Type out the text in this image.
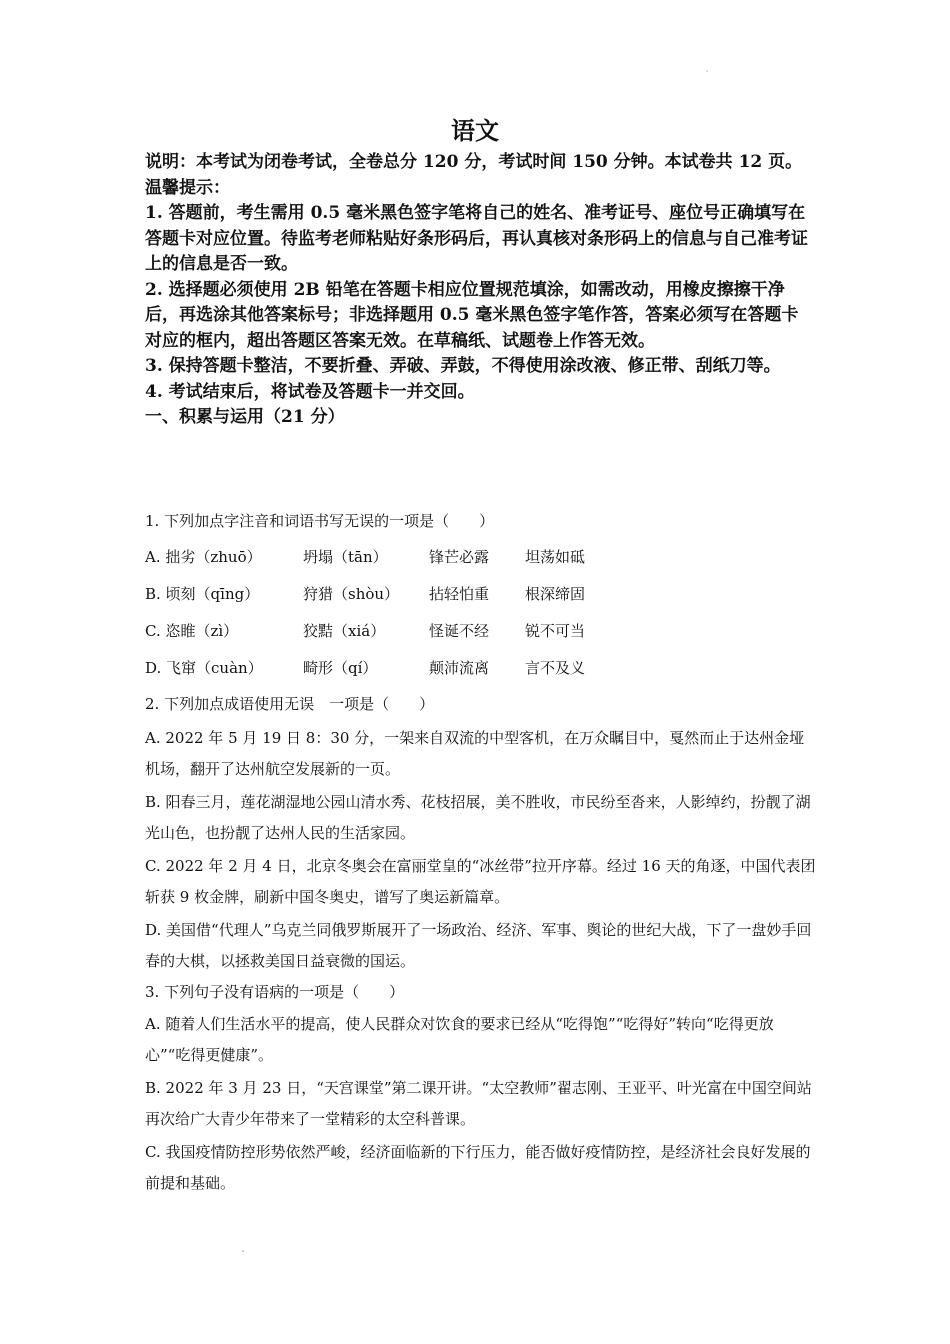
语文

说明：本考试为闭卷考试，全卷总分 120 分，考试时间 150 分钟。本试卷共 12 页。

温馨提示：

1. 答题前，考生需用 0.5 毫米黑色签字笔将自己的姓名、准考证号、座位号正确填写在答题卡对应位置。待监考老师粘贴好条形码后，再认真核对条形码上的信息与自己准考证上的信息是否一致。

2. 选择题必须使用 2B 铅笔在答题卡相应位置规范填涂，如需改动，用橡皮擦擦干净后，再选涂其他答案标号；非选择题用 0.5 毫米黑色签字笔作答，答案必须写在答题卡对应的框内，超出答题区答案无效。在草稿纸、试题卷上作答无效。

3. 保持答题卡整洁，不要折叠、弄破、弄鼓，不得使用涂改液、修正带、刮纸刀等。

4. 考试结束后，将试卷及答题卡一并交回。

一、积累与运用（21 分）

1. 下列加点字注音和词语书写无误的一项是（　　）

A. 拙劣（zhuō）	坍塌（tān）	锋芒必露	坦荡如砥
B. 顷刻（qīng）	狩猎（shòu）	拈轻怕重	根深缔固
C. 恣睢（zì）	狡黠（xiá）	怪诞不经	锐不可当
D. 飞窜（cuàn）	畸形（qí）	颠沛流离	言不及义

2. 下列加点成语使用无误　一项是（　　）

A. 2022 年 5 月 19 日 8：30 分，一架来自双流的中型客机，在万众瞩目中，戛然而止于达州金垭机场，翻开了达州航空发展新的一页。

B. 阳春三月，莲花湖湿地公园山清水秀、花枝招展，美不胜收，市民纷至沓来，人影绰约，扮靓了湖光山色，也扮靓了达州人民的生活家园。

C. 2022 年 2 月 4 日，北京冬奥会在富丽堂皇的“冰丝带”拉开序幕。经过 16 天的角逐，中国代表团斩获 9 枚金牌，刷新中国冬奥史，谱写了奥运新篇章。

D. 美国借“代理人”乌克兰同俄罗斯展开了一场政治、经济、军事、舆论的世纪大战，下了一盘妙手回春的大棋，以拯救美国日益衰微的国运。

3. 下列句子没有语病的一项是（　　）

A. 随着人们生活水平的提高，使人民群众对饮食的要求已经从“吃得饱”“吃得好”转向“吃得更放心”“吃得更健康”。

B. 2022 年 3 月 23 日，“天宫课堂”第二课开讲。“太空教师”翟志刚、王亚平、叶光富在中国空间站再次给广大青少年带来了一堂精彩的太空科普课。

C. 我国疫情防控形势依然严峻，经济面临新的下行压力，能否做好疫情防控，是经济社会良好发展的前提和基础。
